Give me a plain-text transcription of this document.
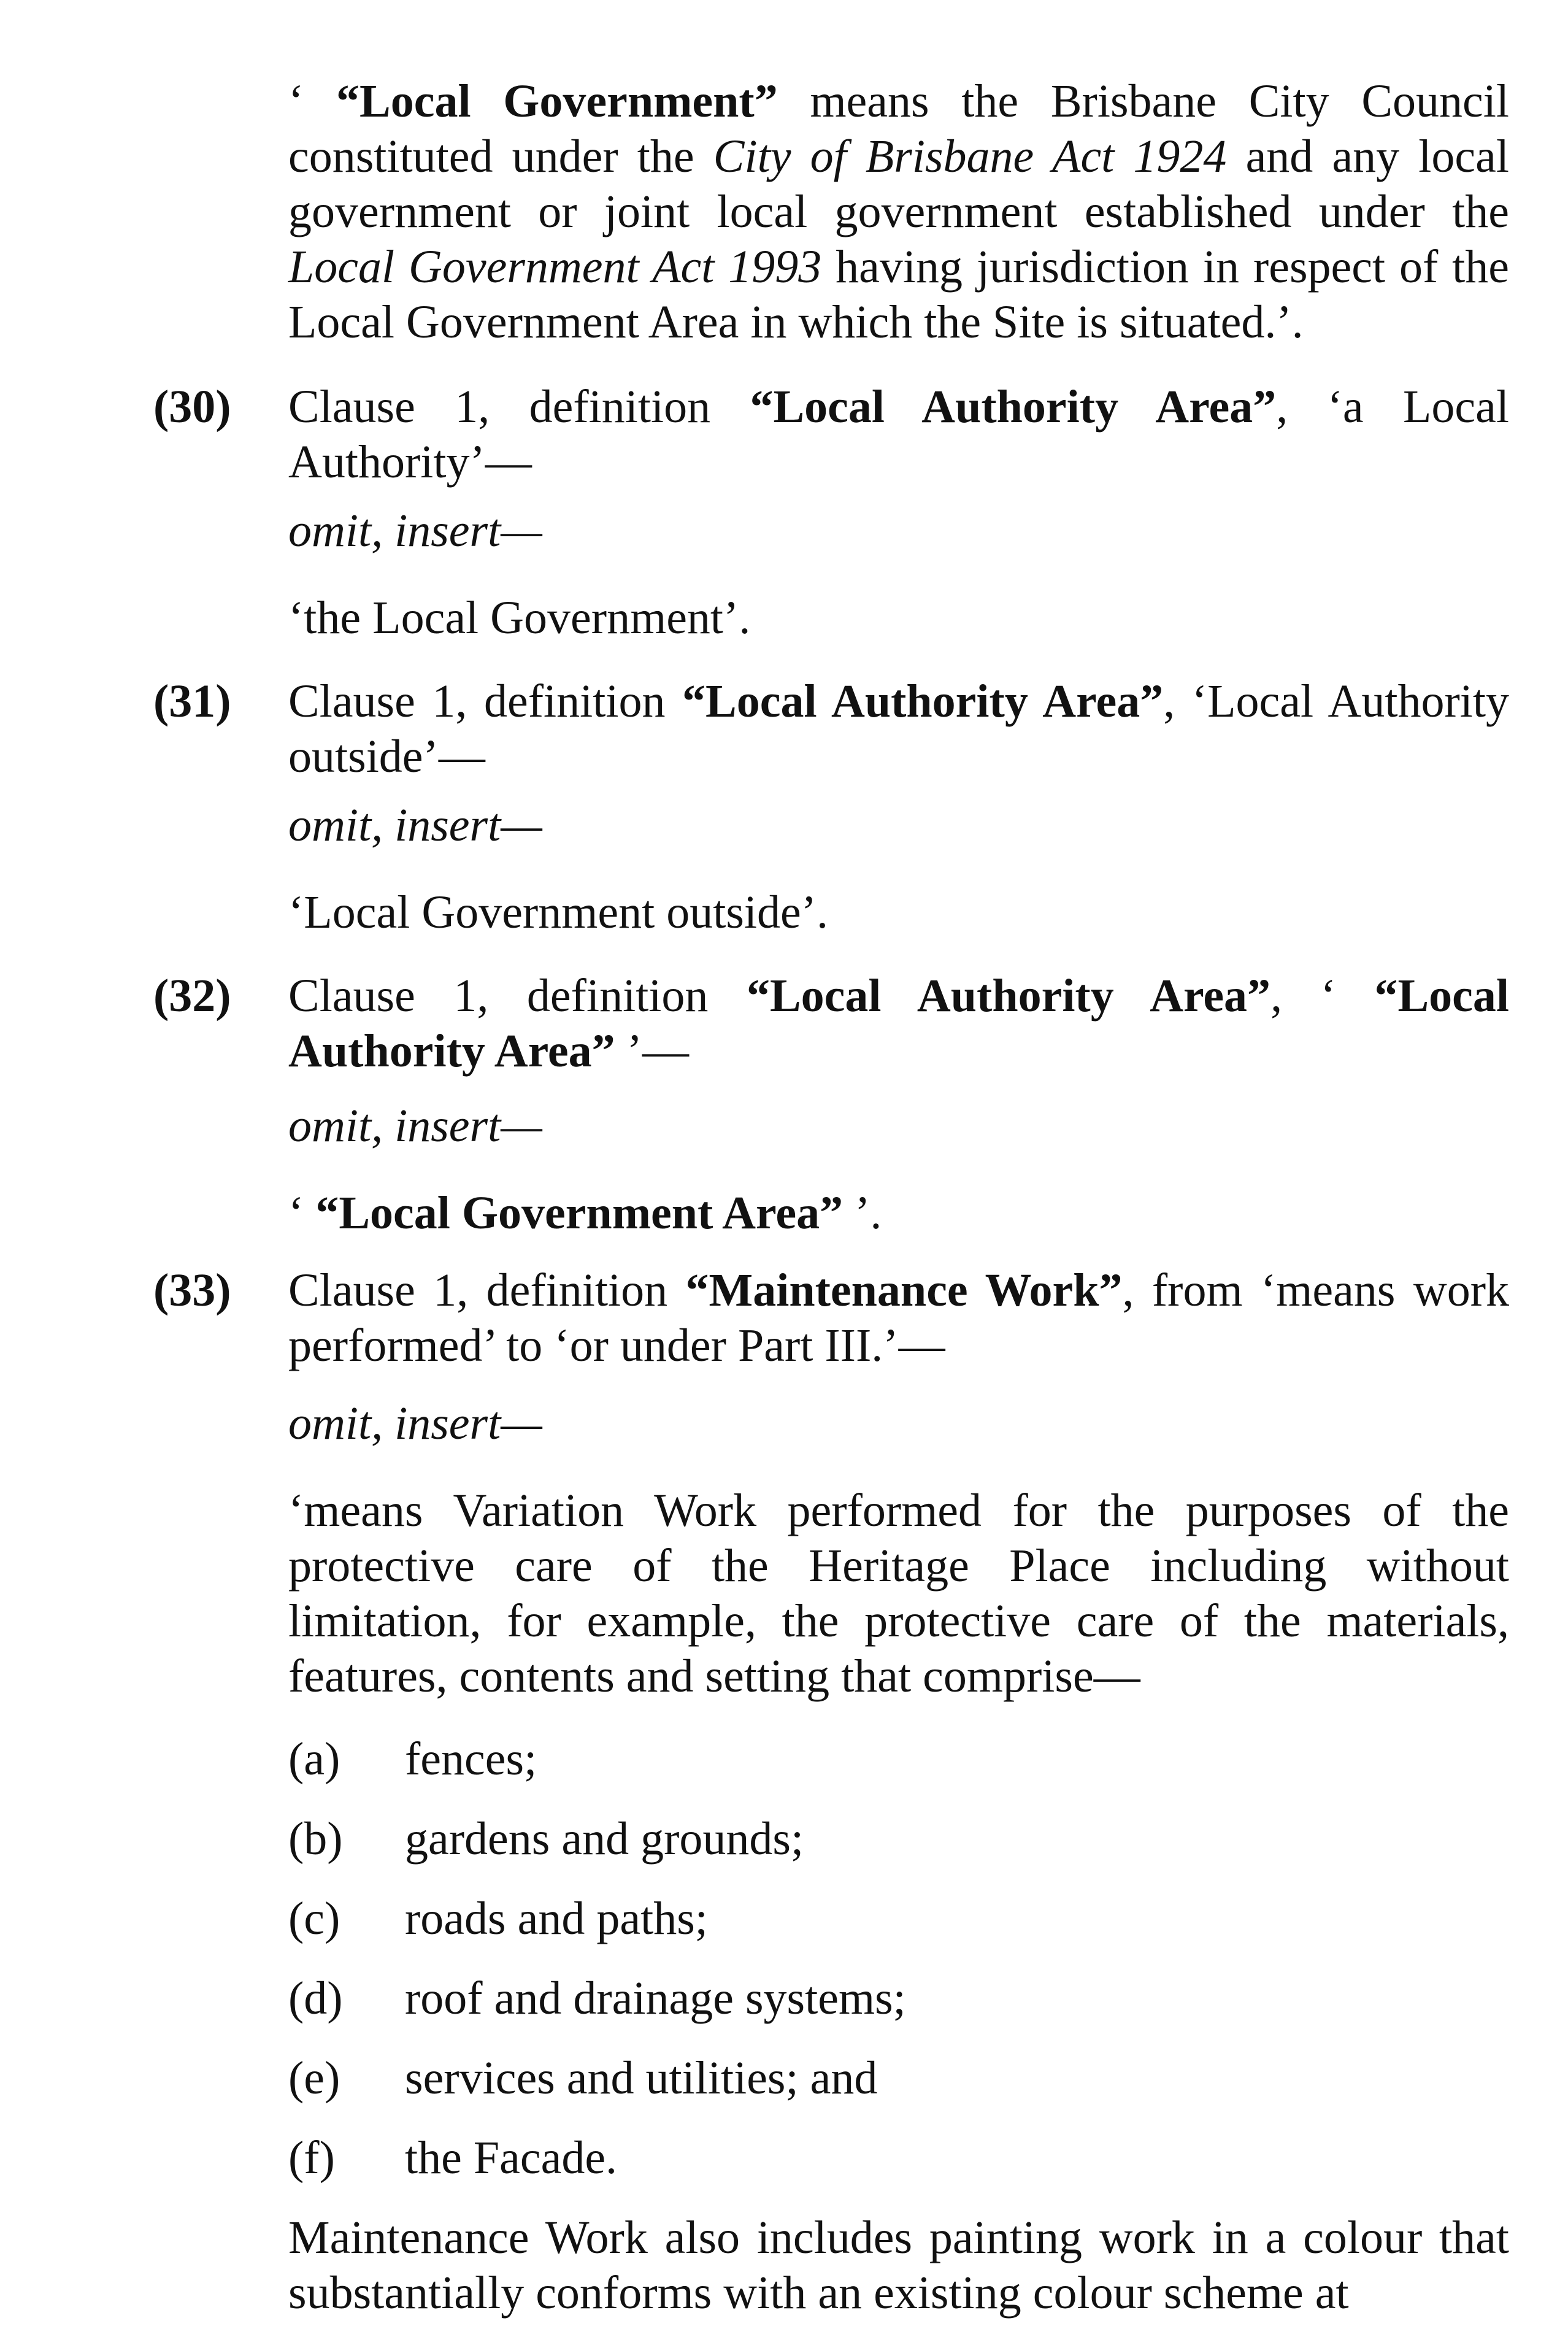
‘ “Local Government” means the Brisbane City Council constituted under the City of Brisbane Act 1924 and any local government or joint local government established under the Local Government Act 1993 having jurisdiction in respect of the Local Government Area in which the Site is situated.’.

(30) Clause 1, definition “Local Authority Area”, ‘a Local Authority’—

omit, insert—

‘the Local Government’.

(31) Clause 1, definition “Local Authority Area”, ‘Local Authority outside’—

omit, insert—

‘Local Government outside’.

(32) Clause 1, definition “Local Authority Area”, ‘ “Local Authority Area” ’—

omit, insert—

‘ “Local Government Area” ’.

(33) Clause 1, definition “Maintenance Work”, from ‘means work performed’ to ‘or under Part III.’—

omit, insert—

‘means Variation Work performed for the purposes of the protective care of the Heritage Place including without limitation, for example, the protective care of the materials, features, contents and setting that comprise—

(a) fences;

(b) gardens and grounds;

(c) roads and paths;

(d) roof and drainage systems;

(e) services and utilities; and

(f) the Facade.

Maintenance Work also includes painting work in a colour that substantially conforms with an existing colour scheme at
